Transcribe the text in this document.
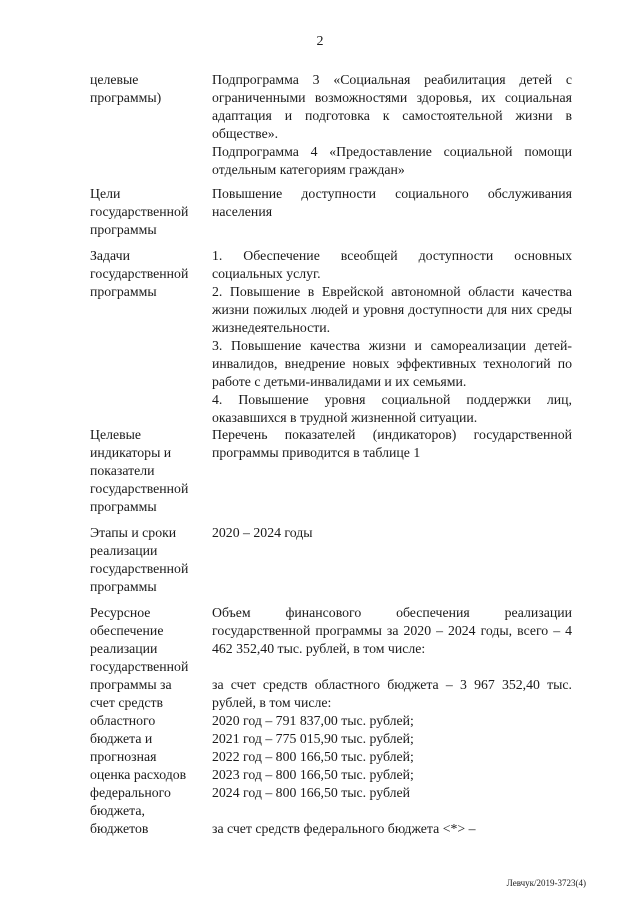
2
целевые
программы)

Подпрограмма 3 «Социальная реабилитация детей с ограниченными возможностями здоровья, их социальная адаптация и подготовка к самостоятельной жизни в обществе».

Подпрограмма 4 «Предоставление социальной помощи отдельным категориям граждан»

Цели
государственной
программы

Повышение доступности социального обслуживания населения

Задачи
государственной
программы

1. Обеспечение всеобщей доступности основных социальных услуг.

2. Повышение в Еврейской автономной области качества жизни пожилых людей и уровня доступности для них среды жизнедеятельности.

3. Повышение качества жизни и самореализации детей-инвалидов, внедрение новых эффективных технологий по работе с детьми-инвалидами и их семьями.

4. Повышение уровня социальной поддержки лиц, оказавшихся в трудной жизненной ситуации.

Целевые
индикаторы и
показатели
государственной
программы

Перечень показателей (индикаторов) государственной программы приводится в таблице 1

Этапы и сроки
реализации
государственной
программы

2020 – 2024 годы

Ресурсное
обеспечение
реализации
государственной
программы за
счет средств
областного
бюджета и
прогнозная
оценка расходов
федерального
бюджета,
бюджетов

Объем финансового обеспечения реализации государственной программы за 2020 – 2024 годы, всего – 4 462 352,40 тыс. рублей, в том числе:

за счет средств областного бюджета – 3 967 352,40 тыс. рублей, в том числе:

2020 год – 791 837,00 тыс. рублей;

2021 год – 775 015,90 тыс. рублей;

2022 год – 800 166,50 тыс. рублей;

2023 год – 800 166,50 тыс. рублей;

2024 год – 800 166,50 тыс. рублей

за счет средств федерального бюджета <*> –

Левчук/2019-3723(4)
